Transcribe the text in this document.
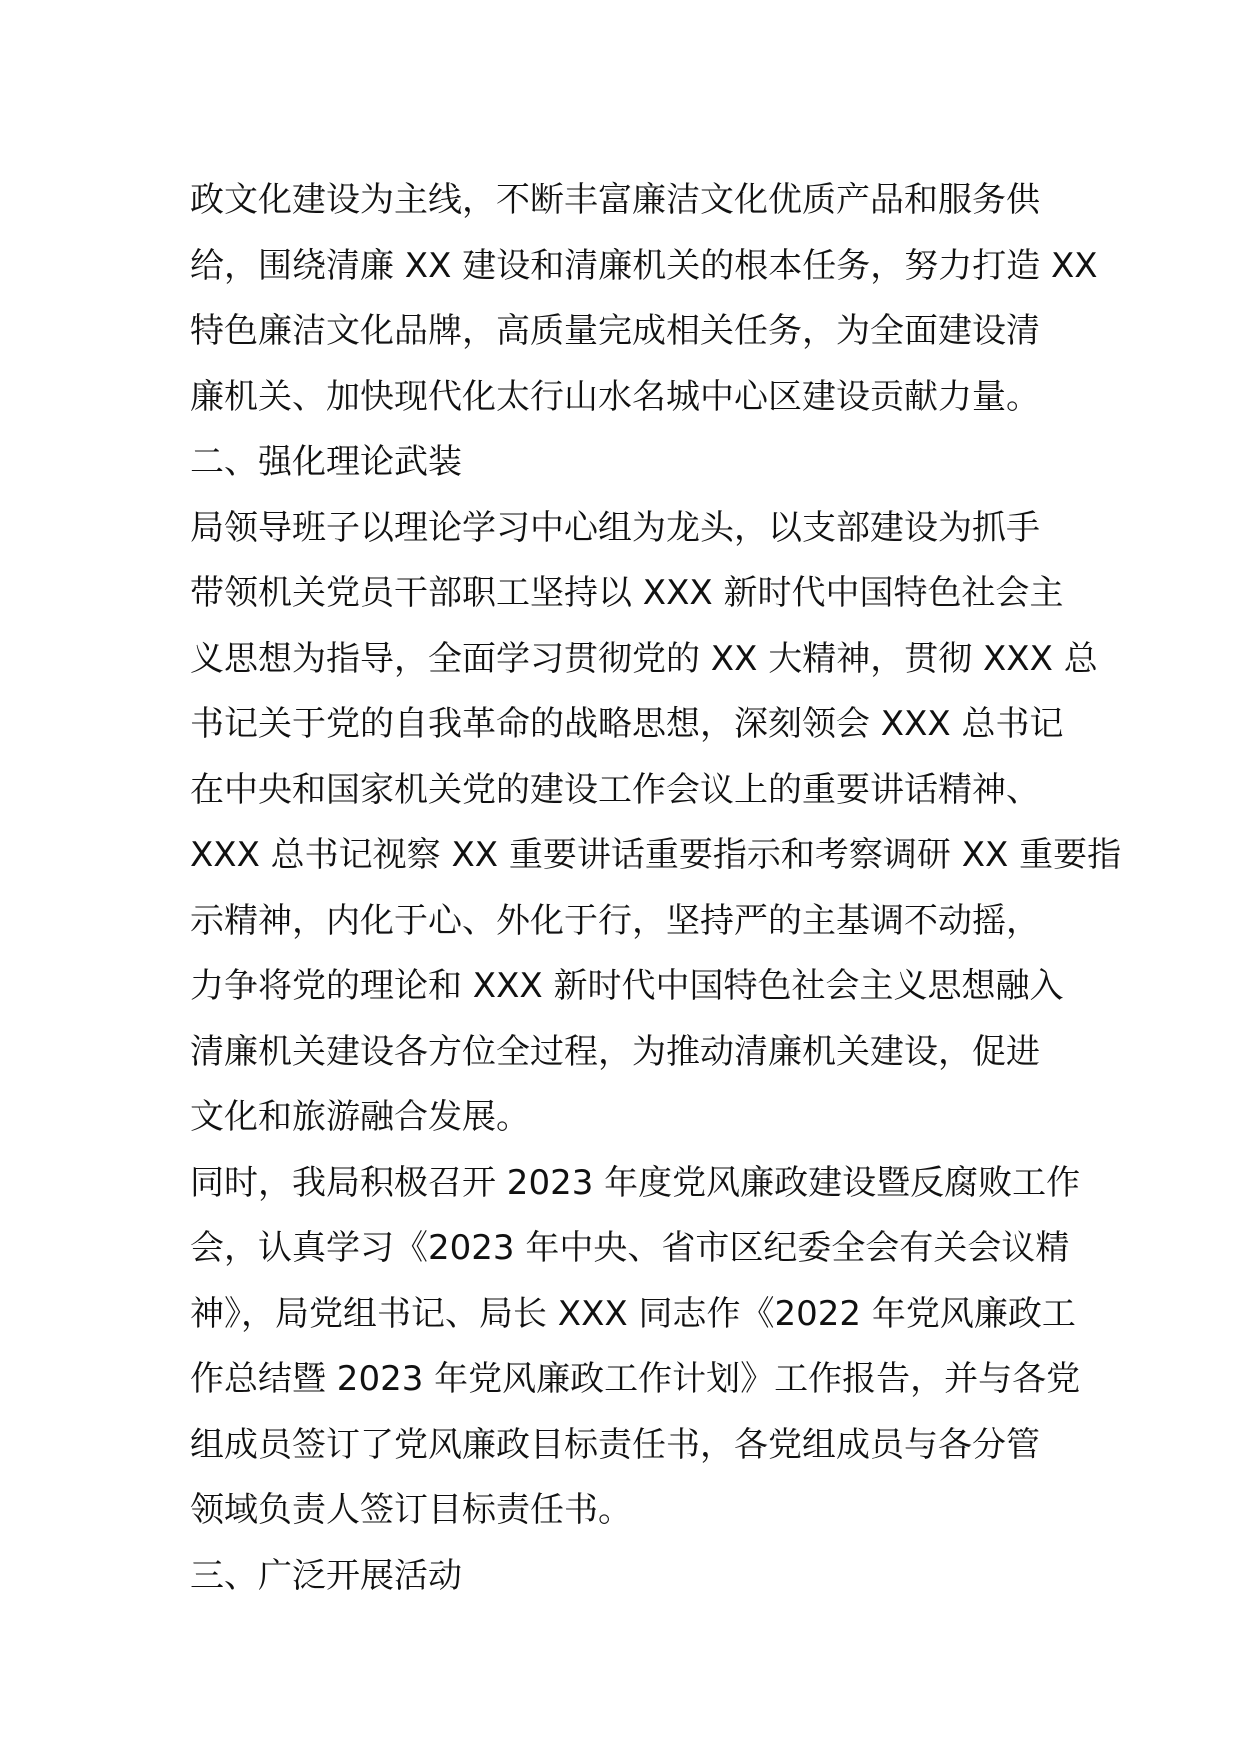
政文化建设为主线，不断丰富廉洁文化优质产品和服务供
给，围绕清廉 XX 建设和清廉机关的根本任务，努力打造 XX
特色廉洁文化品牌，高质量完成相关任务，为全面建设清
廉机关、加快现代化太行山水名城中心区建设贡献力量。
二、强化理论武装
局领导班子以理论学习中心组为龙头，以支部建设为抓手
带领机关党员干部职工坚持以 XXX 新时代中国特色社会主
义思想为指导，全面学习贯彻党的 XX 大精神，贯彻 XXX 总
书记关于党的自我革命的战略思想，深刻领会 XXX 总书记
在中央和国家机关党的建设工作会议上的重要讲话精神、
XXX 总书记视察 XX 重要讲话重要指示和考察调研 XX 重要指
示精神，内化于心、外化于行，坚持严的主基调不动摇，
力争将党的理论和 XXX 新时代中国特色社会主义思想融入
清廉机关建设各方位全过程，为推动清廉机关建设，促进
文化和旅游融合发展。
同时，我局积极召开 2023 年度党风廉政建设暨反腐败工作
会，认真学习《2023 年中央、省市区纪委全会有关会议精
神》，局党组书记、局长 XXX 同志作《2022 年党风廉政工
作总结暨 2023 年党风廉政工作计划》工作报告，并与各党
组成员签订了党风廉政目标责任书，各党组成员与各分管
领域负责人签订目标责任书。
三、广泛开展活动
